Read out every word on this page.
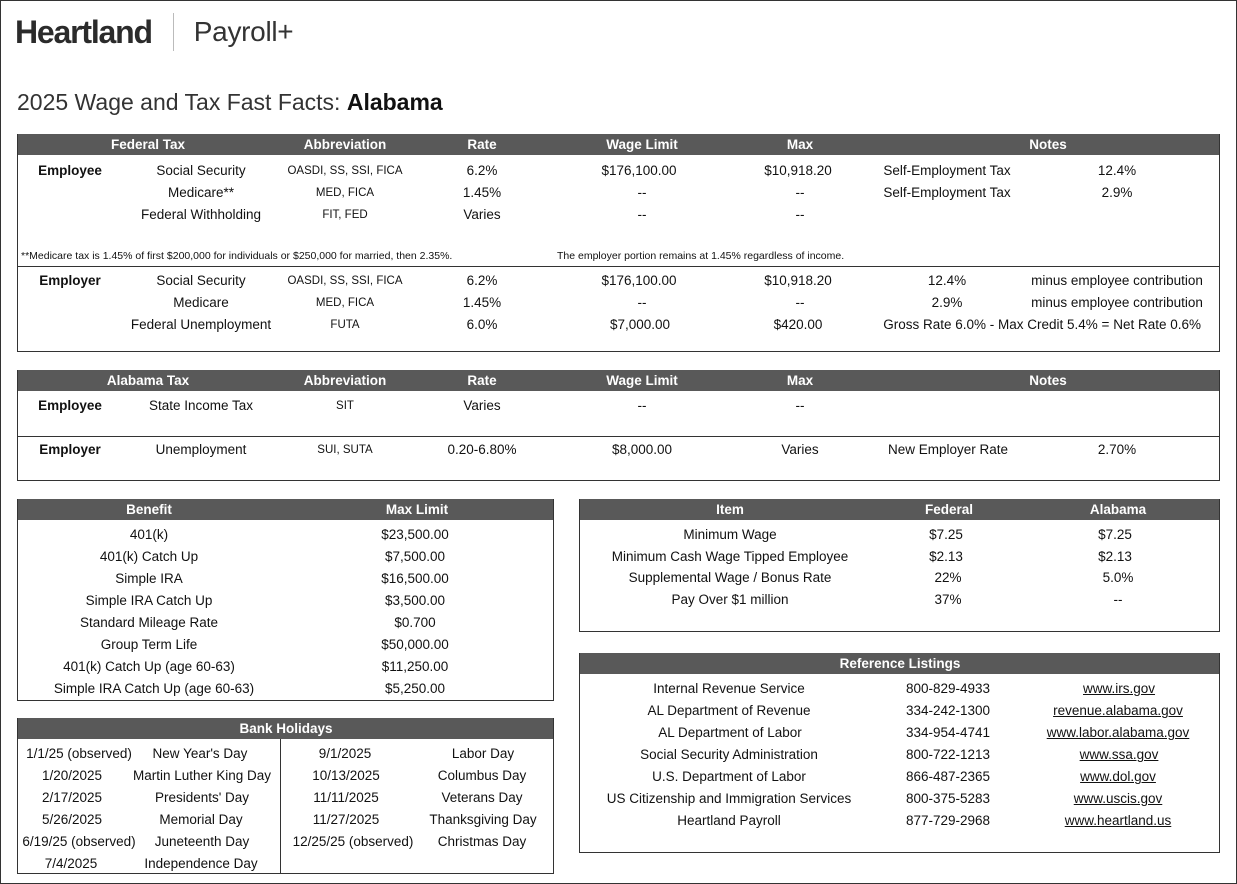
Heartland Payroll+
2025 Wage and Tax Fast Facts: Alabama
Federal Tax	Abbreviation	Rate	Wage Limit	Max	Notes
Employee	Social Security	OASDI, SS, SSI, FICA	6.2%	$176,100.00	$10,918.20	Self-Employment Tax	12.4%
Medicare**	MED, FICA	1.45%	--	--	Self-Employment Tax	2.9%
Federal Withholding	FIT, FED	Varies	--	--
**Medicare tax is 1.45% of first $200,000 for individuals or $250,000 for married, then 2.35%.	The employer portion remains at 1.45% regardless of income.
Employer	Social Security	OASDI, SS, SSI, FICA	6.2%	$176,100.00	$10,918.20	12.4%	minus employee contribution
Medicare	MED, FICA	1.45%	--	--	2.9%	minus employee contribution
Federal Unemployment	FUTA	6.0%	$7,000.00	$420.00	Gross Rate 6.0% - Max Credit 5.4% = Net Rate 0.6%
Alabama Tax	Abbreviation	Rate	Wage Limit	Max	Notes
Employee	State Income Tax	SIT	Varies	--	--
Employer	Unemployment	SUI, SUTA	0.20-6.80%	$8,000.00	Varies	New Employer Rate	2.70%
Benefit	Max Limit
401(k)	$23,500.00
401(k) Catch Up	$7,500.00
Simple IRA	$16,500.00
Simple IRA Catch Up	$3,500.00
Standard Mileage Rate	$0.700
Group Term Life	$50,000.00
401(k) Catch Up (age 60-63)	$11,250.00
Simple IRA Catch Up (age 60-63)	$5,250.00
Item	Federal	Alabama
Minimum Wage	$7.25	$7.25
Minimum Cash Wage Tipped Employee	$2.13	$2.13
Supplemental Wage / Bonus Rate	22%	5.0%
Pay Over $1 million	37%	--
Bank Holidays
1/1/25 (observed) New Year's Day	9/1/2025	Labor Day
1/20/2025 Martin Luther King Day	10/13/2025	Columbus Day
2/17/2025	Presidents' Day	11/11/2025	Veterans Day
5/26/2025	Memorial Day	11/27/2025	Thanksgiving Day
6/19/25 (observed) Juneteenth Day	12/25/25 (observed) Christmas Day
7/4/2025	Independence Day
Reference Listings
Internal Revenue Service	800-829-4933	www.irs.gov
AL Department of Revenue	334-242-1300	revenue.alabama.gov
AL Department of Labor	334-954-4741	www.labor.alabama.gov
Social Security Administration	800-722-1213	www.ssa.gov
U.S. Department of Labor	866-487-2365	www.dol.gov
US Citizenship and Immigration Services	800-375-5283	www.uscis.gov
Heartland Payroll	877-729-2968	www.heartland.us
